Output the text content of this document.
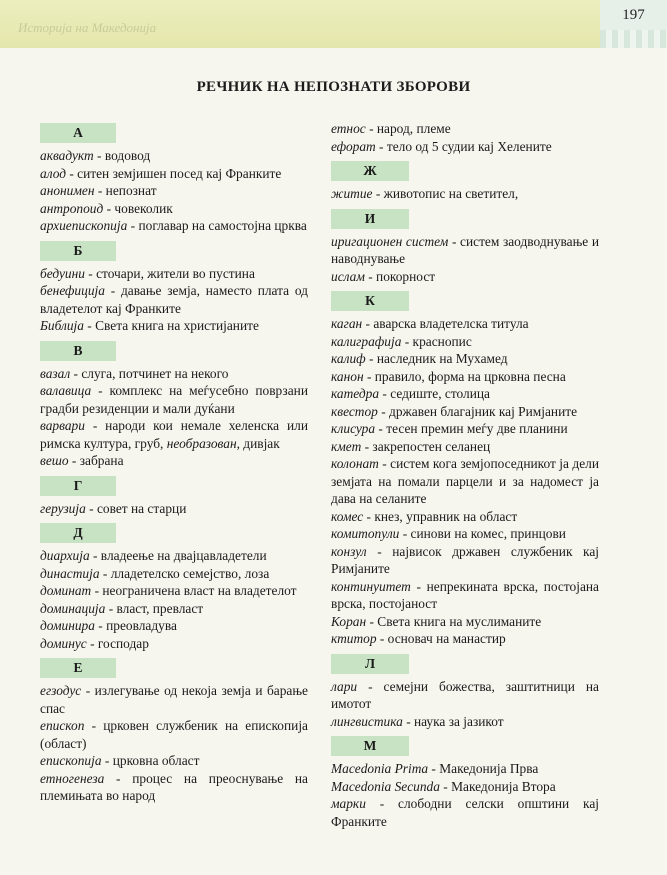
Историја на Македонија
197
РЕЧНИК НА НЕПОЗНАТИ ЗБОРОВИ
А
аквадукт - водовод
алод - ситен земјишен посед кај Франките
анонимен - непознат
антропоид - човеколик
архиепископија - поглавар на самостојна црква
Б
бедуини - сточари, жители во пустина
бенефиција - давање земја, наместо плата од владетелот кај Франките
Библија - Света книга на христијаните
В
вазал - слуга, потчинет на некого
валавица - комплекс на меѓусебно поврзани градби резиденции и мали дуќани
варвари - народи кои немале хеленска или римска култура, груб, необразован, дивјак
вешо - забрана
Г
герузија - совет на старци
Д
диархија - владеење на двајцавладетели
династија - лладетелско семејство, лоза
доминат - неограничена власт на владетелот
доминација - власт, превласт
доминира - преовладува
доминус - господар
Е
егзодус - излегување од некоја земја и барање спас
епископ - црковен службеник на епископија (област)
епископија - црковна област
етногенеза - процес на преоснување на племињата во народ
етнос - народ, племе
ефорат - тело од 5 судии кај Хелените
Ж
житие - животопис на светител,
И
иригационен систем - систем заодводнување и наводнување
ислам - покорност
К
каган - аварска владетелска титула
калиграфија - краснопис
калиф - наследник на Мухамед
канон - правило, форма на црковна песна
катедра - седиште, столица
квестор - државен благајник кај Римјаните
клисура - тесен премин меѓу две планини
кмет - закрепостен селанец
колонат - систем кога земјопоседникот ја дели земјата на помали парцели и за надомест ја дава на селаните
комес - кнез, управник на област
комитопули - синови на комес, принцови
конзул - највисок државен службеник кај Римјаните
континуитет - непрекината врска, постојана врска, постојаност
Коран - Света книга на муслиманите
ктитор - основач на манастир
Л
лари - семејни божества, заштитници на имотот
лингвистика - наука за јазикот
М
Macedonia Prima - Македонија Прва
Macedonia Secunda - Македонија Втора
марки - слободни селски општини кај Франките
